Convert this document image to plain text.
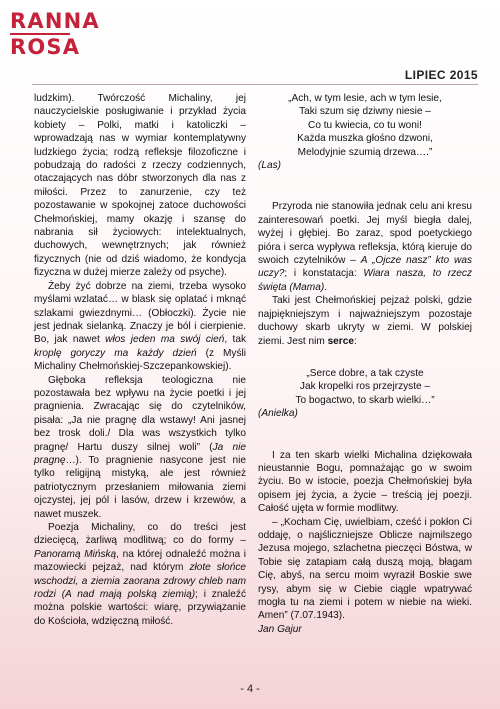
RANNA
ROSA
LIPIEC 2015

ludzkim). Twórczość Michaliny, jej nauczycielskie posługiwanie i przykład życia kobiety – Polki, matki i katoliczki – wprowadzają nas w wymiar kontemplatywny ludzkiego życia; rodzą refleksje filozoficzne i pobudzają do radości z rzeczy codziennych, otaczających nas dóbr stworzonych dla nas z miłości. Przez to zanurzenie, czy też pozostawanie w spokojnej zatoce duchowości Chełmońskiej, mamy okazję i szansę do nabrania sił życiowych: intelektualnych, duchowych, wewnętrznych; jak również fizycznych (nie od dziś wiadomo, że kondycja fizyczna w dużej mierze zależy od psyche).

Żeby żyć dobrze na ziemi, trzeba wysoko myślami wzlatać… w blask się oplatać i mknąć szlakami gwiezdnymi… (Obłoczki). Życie nie jest jednak sielanką. Znaczy je ból i cierpienie. Bo, jak nawet włos jeden ma swój cień, tak kroplę goryczy ma każdy dzień (z Myśli Michaliny Chełmońskiej-Szczepankowskiej).

Głęboka refleksja teologiczna nie pozostawała bez wpływu na życie poetki i jej pragnienia. Zwracając się do czytelników, pisała: „Ja nie pragnę dla wstawy! Ani jasnej bez trosk doli./ Dla was wszystkich tylko pragnę/ Hartu duszy silnej woli” (Ja nie pragnę…). To pragnienie nasycone jest nie tylko religijną mistyką, ale jest również patriotycznym przesłaniem miłowania ziemi ojczystej, jej pól i lasów, drzew i krzewów, a nawet muszek.

Poezja Michaliny, co do treści jest dziecięcą, żarliwą modlitwą; co do formy – Panoramą Mińską, na której odnaleźć można i mazowiecki pejzaż, nad którym złote słońce wschodzi, a ziemia zaorana zdrowy chleb nam rodzi (A nad mają polską ziemią); i znaleźć można polskie wartości: wiarę, przywiązanie do Kościoła, wdzięczną miłość.

„Ach, w tym lesie, ach w tym lesie,
Taki szum się dziwny niesie –
Co tu kwiecia, co tu woni!
Każda muszka głośno dzwoni,
Melodyjnie szumią drzewa….”

(Las)

Przyroda nie stanowiła jednak celu ani kresu zainteresowań poetki. Jej myśl biegła dalej, wyżej i głębiej. Bo zaraz, spod poetyckiego pióra i serca wypływa refleksja, którą kieruje do swoich czytelników – A „Ojcze nasz” kto was uczy?; i konstatacja: Wiara nasza, to rzecz święta (Mama).

Taki jest Chełmońskiej pejzaż polski, gdzie najpiękniejszym i najważniejszym pozostaje duchowy skarb ukryty w ziemi. W polskiej ziemi. Jest nim serce:

„Serce dobre, a tak czyste
Jak kropelki ros przejrzyste –
To bogactwo, to skarb wielki…”

(Anielka)

I za ten skarb wielki Michalina dziękowała nieustannie Bogu, pomnażając go w swoim życiu. Bo w istocie, poezja Chełmońskiej była opisem jej życia, a życie – treścią jej poezji. Całość ujęta w formie modlitwy.

– „Kocham Cię, uwielbiam, cześć i pokłon Ci oddaję, o najśliczniejsze Oblicze najmilszego Jezusa mojego, szlachetna pieczęci Bóstwa, w Tobie się zatapiam całą duszą moją, błagam Cię, abyś, na sercu moim wyraził Boskie swe rysy, abym się w Ciebie ciągle wpatrywać mogła tu na ziemi i potem w niebie na wieki. Amen” (7.07.1943).

Jan Gajur

- 4 -
